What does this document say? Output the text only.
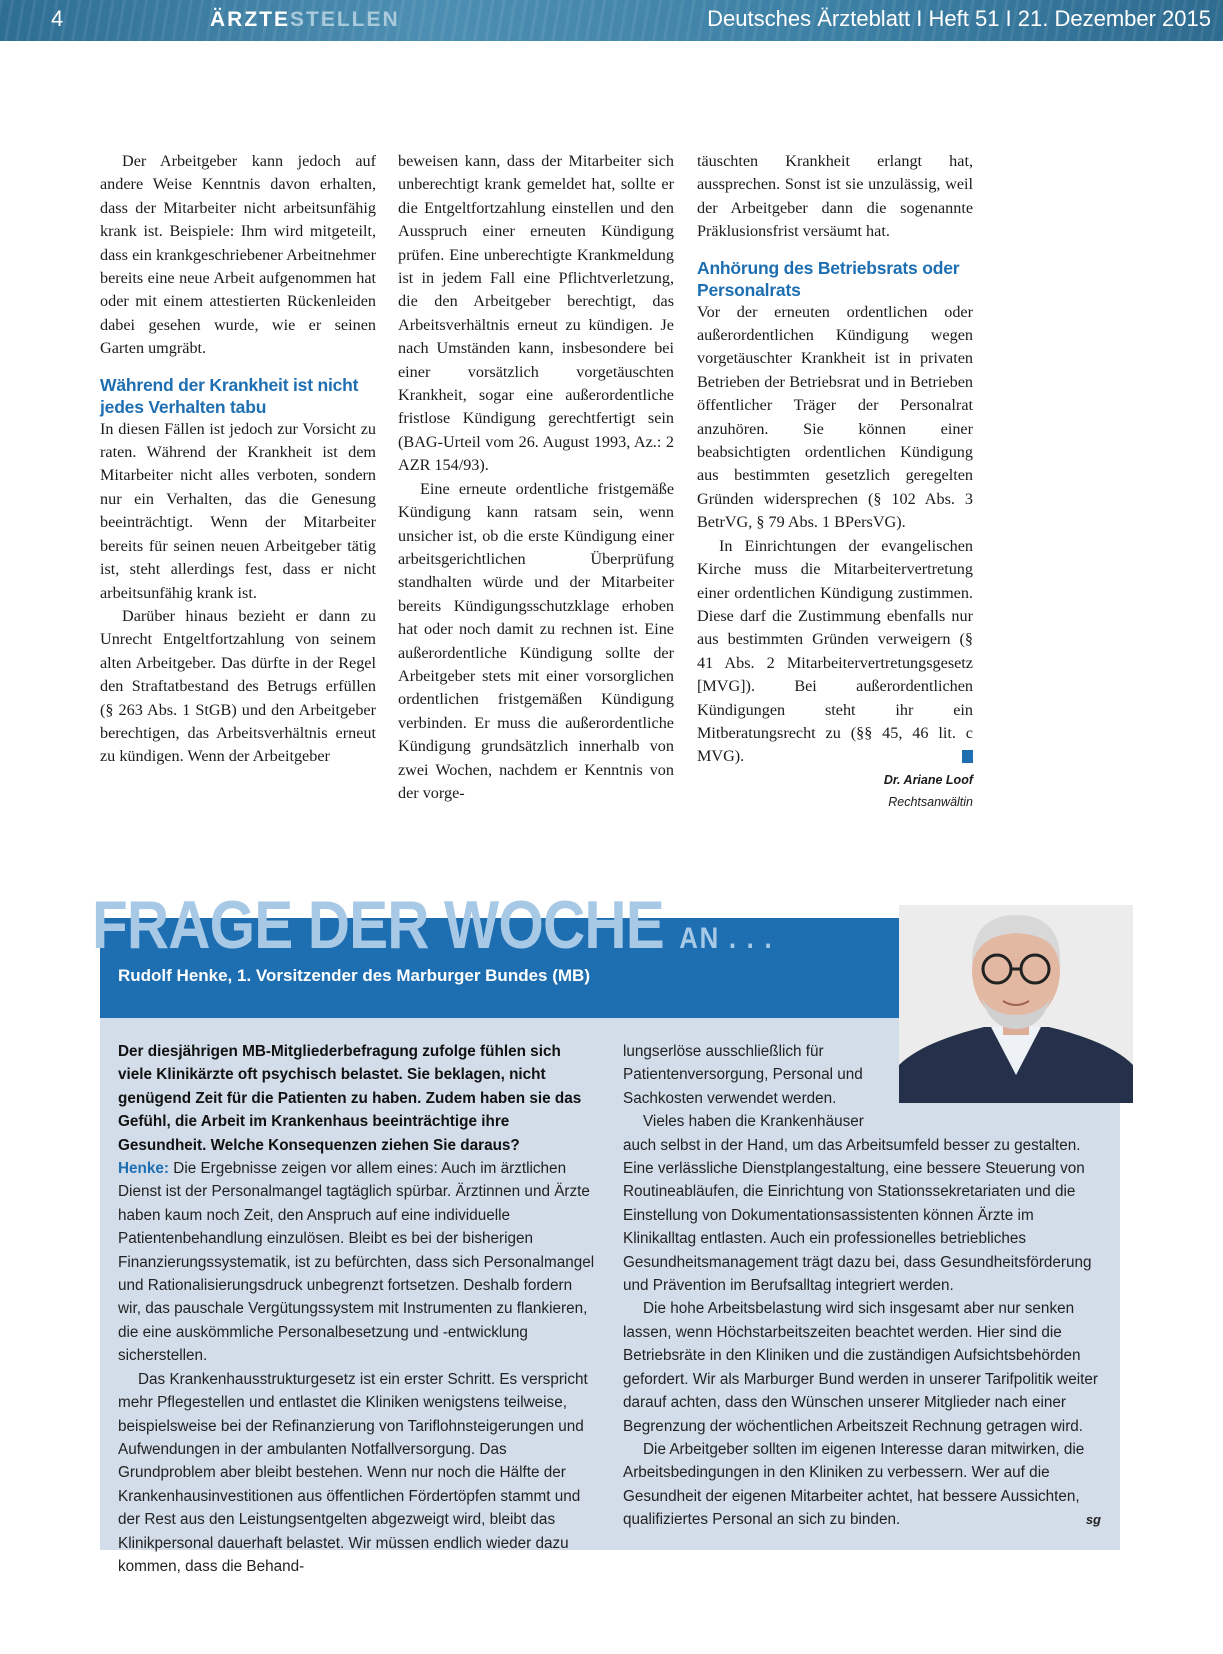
4	ÄRZTESTELLEN	Deutsches Ärzteblatt I Heft 51 I 21. Dezember 2015

Der Arbeitgeber kann jedoch auf andere Weise Kenntnis davon erhalten, dass der Mitarbeiter nicht arbeitsunfähig krank ist. Beispiele: Ihm wird mitgeteilt, dass ein krankgeschriebener Arbeitnehmer bereits eine neue Arbeit aufgenommen hat oder mit einem attestierten Rückenleiden dabei gesehen wurde, wie er seinen Garten umgräbt.

Während der Krankheit ist nicht jedes Verhalten tabu

In diesen Fällen ist jedoch zur Vorsicht zu raten. Während der Krankheit ist dem Mitarbeiter nicht alles verboten, sondern nur ein Verhalten, das die Genesung beeinträchtigt. Wenn der Mitarbeiter bereits für seinen neuen Arbeitgeber tätig ist, steht allerdings fest, dass er nicht arbeitsunfähig krank ist.

Darüber hinaus bezieht er dann zu Unrecht Entgeltfortzahlung von seinem alten Arbeitgeber. Das dürfte in der Regel den Straftatbestand des Betrugs erfüllen (§ 263 Abs. 1 StGB) und den Arbeitgeber berechtigen, das Arbeitsverhältnis erneut zu kündigen. Wenn der Arbeitgeber

beweisen kann, dass der Mitarbeiter sich unberechtigt krank gemeldet hat, sollte er die Entgeltfortzahlung einstellen und den Ausspruch einer erneuten Kündigung prüfen. Eine unberechtigte Krankmeldung ist in jedem Fall eine Pflichtverletzung, die den Arbeitgeber berechtigt, das Arbeitsverhältnis erneut zu kündigen. Je nach Umständen kann, insbesondere bei einer vorsätzlich vorgetäuschten Krankheit, sogar eine außerordentliche fristlose Kündigung gerechtfertigt sein (BAG-Urteil vom 26. August 1993, Az.: 2 AZR 154/93).

Eine erneute ordentliche fristgemäße Kündigung kann ratsam sein, wenn unsicher ist, ob die erste Kündigung einer arbeitsgerichtlichen Überprüfung standhalten würde und der Mitarbeiter bereits Kündigungsschutzklage erhoben hat oder noch damit zu rechnen ist. Eine außerordentliche Kündigung sollte der Arbeitgeber stets mit einer vorsorglichen ordentlichen fristgemäßen Kündigung verbinden. Er muss die außerordentliche Kündigung grundsätzlich innerhalb von zwei Wochen, nachdem er Kenntnis von der vorge-

täuschten Krankheit erlangt hat, aussprechen. Sonst ist sie unzulässig, weil der Arbeitgeber dann die sogenannte Präklusionsfrist versäumt hat.

Anhörung des Betriebsrats oder Personalrats

Vor der erneuten ordentlichen oder außerordentlichen Kündigung wegen vorgetäuschter Krankheit ist in privaten Betrieben der Betriebsrat und in Betrieben öffentlicher Träger der Personalrat anzuhören. Sie können einer beabsichtigten ordentlichen Kündigung aus bestimmten gesetzlich geregelten Gründen widersprechen (§ 102 Abs. 3 BetrVG, § 79 Abs. 1 BPersVG).

In Einrichtungen der evangelischen Kirche muss die Mitarbeitervertretung einer ordentlichen Kündigung zustimmen. Diese darf die Zustimmung ebenfalls nur aus bestimmten Gründen verweigern (§ 41 Abs. 2 Mitarbeitervertretungsgesetz [MVG]). Bei außerordentlichen Kündigungen steht ihr ein Mitberatungsrecht zu (§§ 45, 46 lit. c MVG).

Dr. Ariane Loof
Rechtsanwältin
FRAGE DER WOCHE AN . . .
Rudolf Henke, 1. Vorsitzender des Marburger Bundes (MB)

Der diesjährigen MB-Mitgliederbefragung zufolge fühlen sich viele Klinikärzte oft psychisch belastet. Sie beklagen, nicht genügend Zeit für die Patienten zu haben. Zudem haben sie das Gefühl, die Arbeit im Krankenhaus beeinträchtige ihre Gesundheit. Welche Konsequenzen ziehen Sie daraus?

Henke: Die Ergebnisse zeigen vor allem eines: Auch im ärztlichen Dienst ist der Personalmangel tagtäglich spürbar. Ärztinnen und Ärzte haben kaum noch Zeit, den Anspruch auf eine individuelle Patientenbehandlung einzulösen. Bleibt es bei der bisherigen Finanzierungssystematik, ist zu befürchten, dass sich Personalmangel und Rationalisierungsdruck unbegrenzt fortsetzen. Deshalb fordern wir, das pauschale Vergütungssystem mit Instrumenten zu flankieren, die eine auskömmliche Personalbesetzung und -entwicklung sicherstellen.

Das Krankenhausstrukturgesetz ist ein erster Schritt. Es verspricht mehr Pflegestellen und entlastet die Kliniken wenigstens teilweise, beispielsweise bei der Refinanzierung von Tariflohnsteigerungen und Aufwendungen in der ambulanten Notfallversorgung. Das Grundproblem aber bleibt bestehen. Wenn nur noch die Hälfte der Krankenhausinvestitionen aus öffentlichen Fördertöpfen stammt und der Rest aus den Leistungsentgelten abgezweigt wird, bleibt das Klinikpersonal dauerhaft belastet. Wir müssen endlich wieder dazu kommen, dass die Behand-

lungserlöse ausschließlich für Patientenversorgung, Personal und Sachkosten verwendet werden.

Vieles haben die Krankenhäuser

auch selbst in der Hand, um das Arbeitsumfeld besser zu gestalten. Eine verlässliche Dienstplangestaltung, eine bessere Steuerung von Routineabläufen, die Einrichtung von Stationssekretariaten und die Einstellung von Dokumentationsassistenten können Ärzte im Klinikalltag entlasten. Auch ein professionelles betriebliches Gesundheitsmanagement trägt dazu bei, dass Gesundheitsförderung und Prävention im Berufsalltag integriert werden.

Die hohe Arbeitsbelastung wird sich insgesamt aber nur senken lassen, wenn Höchstarbeitszeiten beachtet werden. Hier sind die Betriebsräte in den Kliniken und die zuständigen Aufsichtsbehörden gefordert. Wir als Marburger Bund werden in unserer Tarifpolitik weiter darauf achten, dass den Wünschen unserer Mitglieder nach einer Begrenzung der wöchentlichen Arbeitszeit Rechnung getragen wird.

Die Arbeitgeber sollten im eigenen Interesse daran mitwirken, die Arbeitsbedingungen in den Kliniken zu verbessern. Wer auf die Gesundheit der eigenen Mitarbeiter achtet, hat bessere Aussichten, qualifiziertes Personal an sich zu binden.	sg
